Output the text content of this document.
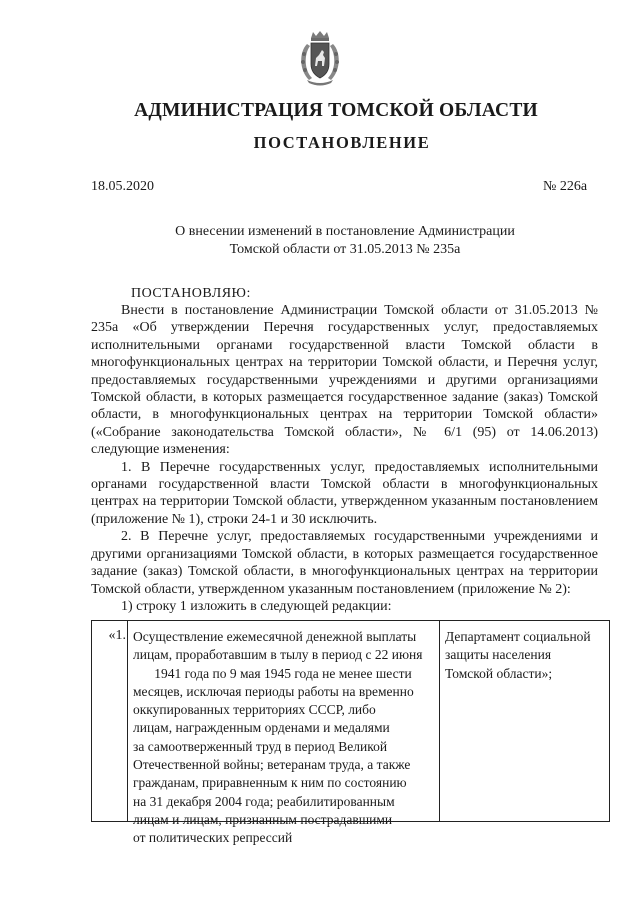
АДМИНИСТРАЦИЯ ТОМСКОЙ ОБЛАСТИ
ПОСТАНОВЛЕНИЕ
18.05.2020	№ 226а
О внесении изменений в постановление Администрации
Томской области от 31.05.2013 № 235а
ПОСТАНОВЛЯЮ:

Внести в постановление Администрации Томской области от 31.05.2013 № 235а «Об утверждении Перечня государственных услуг, предоставляемых исполнительными органами государственной власти Томской области в многофункциональных центрах на территории Томской области, и Перечня услуг, предоставляемых государственными учреждениями и другими организациями Томской области, в которых размещается государственное задание (заказ) Томской области, в многофункциональных центрах на территории Томской области» («Собрание законодательства Томской области», № 6/1 (95) от 14.06.2013) следующие изменения:

1. В Перечне государственных услуг, предоставляемых исполнительными органами государственной власти Томской области в многофункциональных центрах на территории Томской области, утвержденном указанным постановлением (приложение № 1), строки 24-1 и 30 исключить.

2. В Перечне услуг, предоставляемых государственными учреждениями и другими организациями Томской области, в которых размещается государственное задание (заказ) Томской области, в многофункциональных центрах на территории Томской области, утвержденном указанным постановлением (приложение № 2):

1) строку 1 изложить в следующей редакции:

«1. Осуществление ежемесячной денежной выплаты
лицам, проработавшим в тылу в период с 22 июня
1941 года по 9 мая 1945 года не менее шести
месяцев, исключая периоды работы на временно
оккупированных территориях СССР, либо
лицам, награжденным орденами и медалями
за самоотверженный труд в период Великой
Отечественной войны; ветеранам труда, а также
гражданам, приравненным к ним по состоянию
на 31 декабря 2004 года; реабилитированным
лицам и лицам, признанным пострадавшими
от политических репрессий
Департамент социальной
защиты населения
Томской области»;
